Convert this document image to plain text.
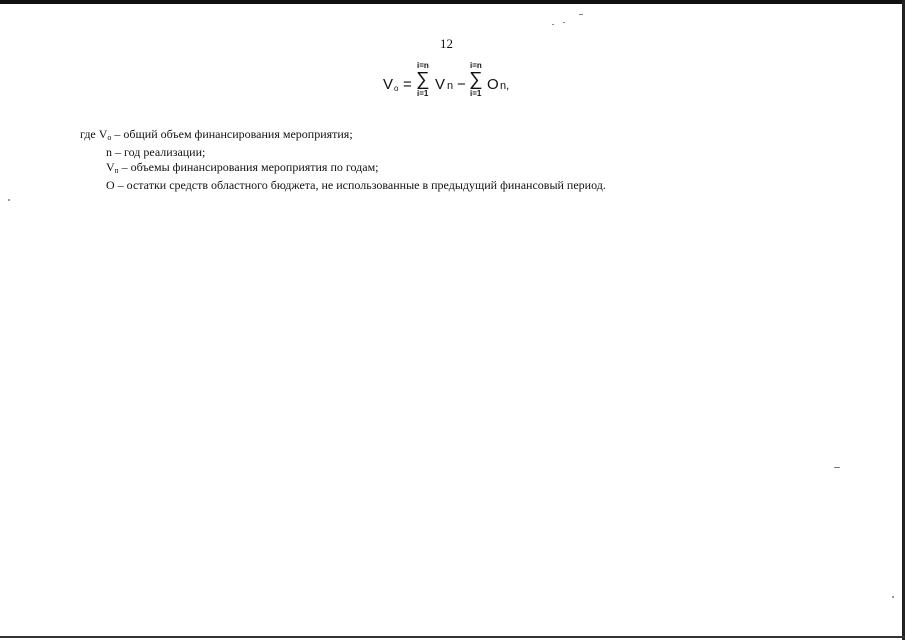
12
V o =
i=n
∑
i=1
V n −
i=n
∑
i=1
O n,
где $V_o$ – общий объем финансирования мероприятия;
n – год реализации;
$V_n$ – объемы финансирования мероприятия по годам;
О – остатки средств областного бюджета, не использованные в предыдущий финансовый период.
